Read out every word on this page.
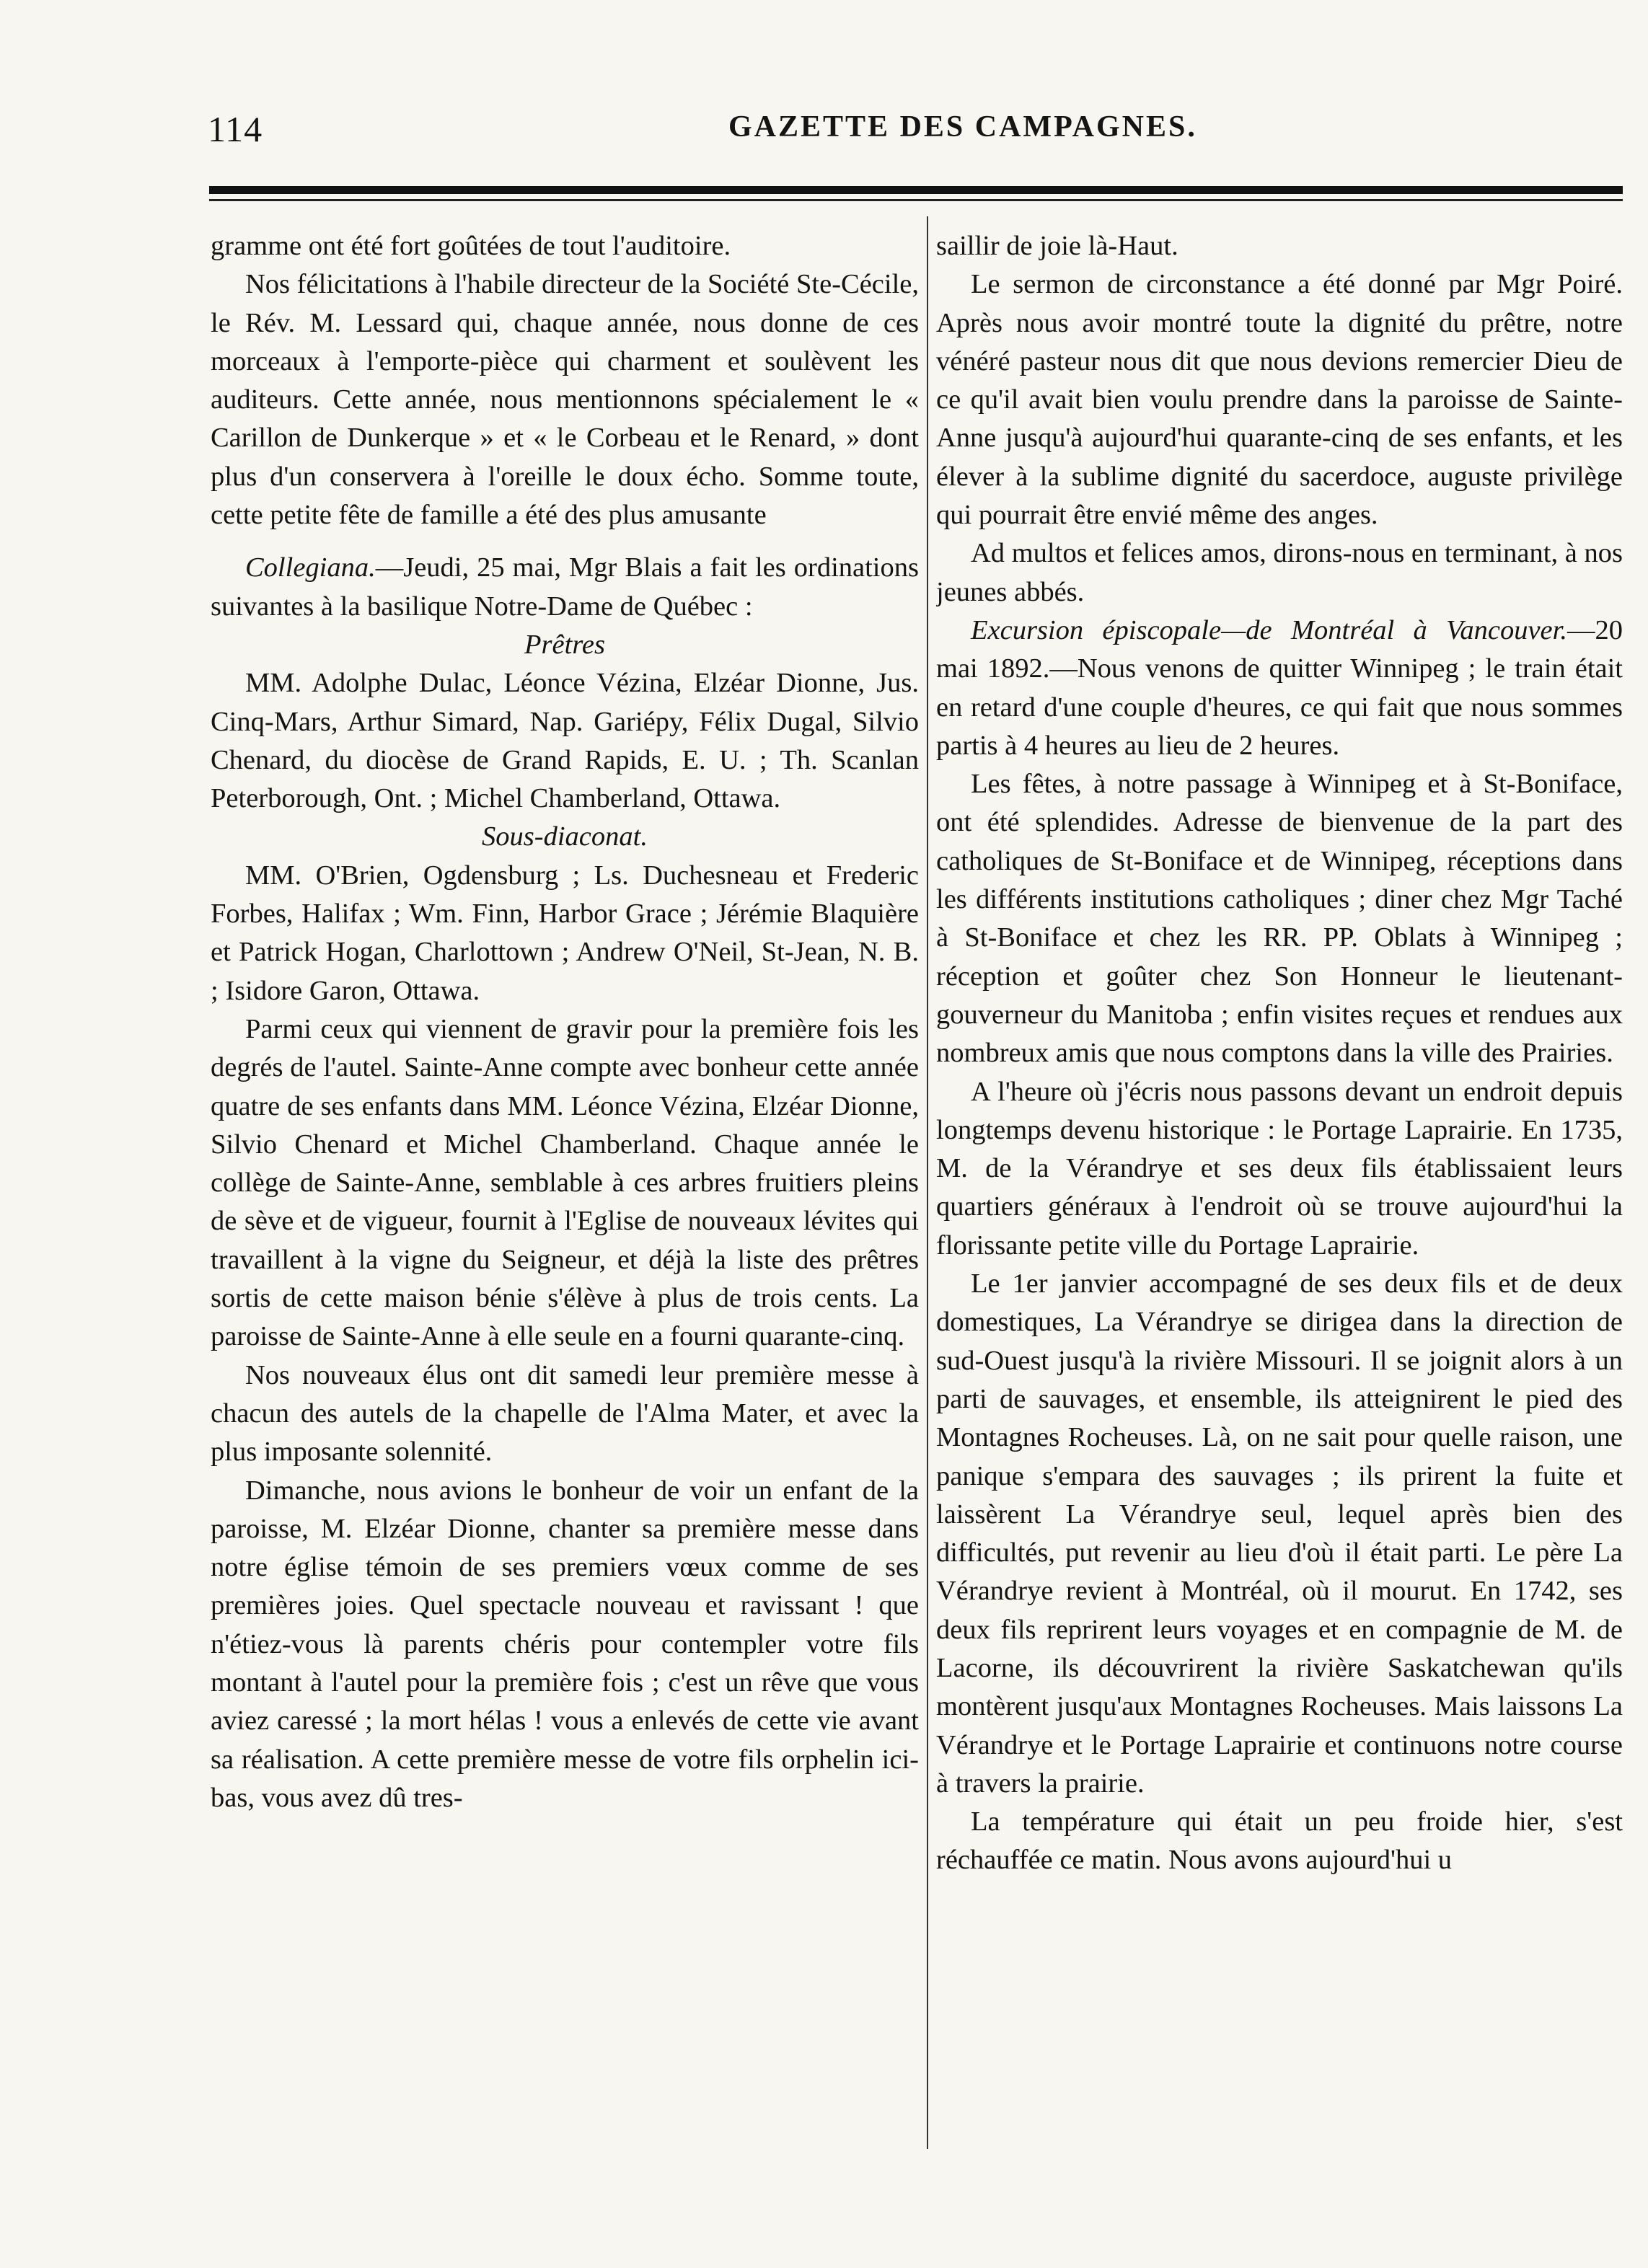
114	GAZETTE DES CAMPAGNES.

gramme ont été fort goûtées de tout l'auditoire.

Nos félicitations à l'habile directeur de la Société Ste-Cécile, le Rév. M. Lessard qui, chaque année, nous donne de ces morceaux à l'emporte-pièce qui charment et soulèvent les auditeurs. Cette année, nous mentionnons spécialement le « Carillon de Dunkerque » et « le Corbeau et le Renard, » dont plus d'un conservera à l'oreille le doux écho. Somme toute, cette petite fête de famille a été des plus amusante

Collegiana.—Jeudi, 25 mai, Mgr Blais a fait les ordinations suivantes à la basilique Notre-Dame de Québec :

Prêtres

MM. Adolphe Dulac, Léonce Vézina, Elzéar Dionne, Jus. Cinq-Mars, Arthur Simard, Nap. Gariépy, Félix Dugal, Silvio Chenard, du diocèse de Grand Rapids, E. U. ; Th. Scanlan Peterborough, Ont. ; Michel Chamberland, Ottawa.

Sous-diaconat.

MM. O'Brien, Ogdensburg ; Ls. Duchesneau et Frederic Forbes, Halifax ; Wm. Finn, Harbor Grace ; Jérémie Blaquière et Patrick Hogan, Charlottown ; Andrew O'Neil, St-Jean, N. B. ; Isidore Garon, Ottawa.

Parmi ceux qui viennent de gravir pour la première fois les degrés de l'autel. Sainte-Anne compte avec bonheur cette année quatre de ses enfants dans MM. Léonce Vézina, Elzéar Dionne, Silvio Chenard et Michel Chamberland. Chaque année le collège de Sainte-Anne, semblable à ces arbres fruitiers pleins de sève et de vigueur, fournit à l'Eglise de nouveaux lévites qui travaillent à la vigne du Seigneur, et déjà la liste des prêtres sortis de cette maison bénie s'élève à plus de trois cents. La paroisse de Sainte-Anne à elle seule en a fourni quarante-cinq.

Nos nouveaux élus ont dit samedi leur première messe à chacun des autels de la chapelle de l'Alma Mater, et avec la plus imposante solennité.

Dimanche, nous avions le bonheur de voir un enfant de la paroisse, M. Elzéar Dionne, chanter sa première messe dans notre église témoin de ses premiers vœux comme de ses premières joies. Quel spectacle nouveau et ravissant ! que n'étiez-vous là parents chéris pour contempler votre fils montant à l'autel pour la première fois ; c'est un rêve que vous aviez caressé ; la mort hélas ! vous a enlevés de cette vie avant sa réalisation. A cette première messe de votre fils orphelin ici-bas, vous avez dû tres-

saillir de joie là-Haut.

Le sermon de circonstance a été donné par Mgr Poiré. Après nous avoir montré toute la dignité du prêtre, notre vénéré pasteur nous dit que nous devions remercier Dieu de ce qu'il avait bien voulu prendre dans la paroisse de Sainte-Anne jusqu'à aujourd'hui quarante-cinq de ses enfants, et les élever à la sublime dignité du sacerdoce, auguste privilège qui pourrait être envié même des anges.

Ad multos et felices amos, dirons-nous en terminant, à nos jeunes abbés.

Excursion épiscopale—de Montréal à Vancouver.—20 mai 1892.—Nous venons de quitter Winnipeg ; le train était en retard d'une couple d'heures, ce qui fait que nous sommes partis à 4 heures au lieu de 2 heures.

Les fêtes, à notre passage à Winnipeg et à St-Boniface, ont été splendides. Adresse de bienvenue de la part des catholiques de St-Boniface et de Winnipeg, réceptions dans les différents institutions catholiques ; diner chez Mgr Taché à St-Boniface et chez les RR. PP. Oblats à Winnipeg ; réception et goûter chez Son Honneur le lieutenant-gouverneur du Manitoba ; enfin visites reçues et rendues aux nombreux amis que nous comptons dans la ville des Prairies.

A l'heure où j'écris nous passons devant un endroit depuis longtemps devenu historique : le Portage Laprairie. En 1735, M. de la Vérandrye et ses deux fils établissaient leurs quartiers généraux à l'endroit où se trouve aujourd'hui la florissante petite ville du Portage Laprairie.

Le 1er janvier accompagné de ses deux fils et de deux domestiques, La Vérandrye se dirigea dans la direction de sud-Ouest jusqu'à la rivière Missouri. Il se joignit alors à un parti de sauvages, et ensemble, ils atteignirent le pied des Montagnes Rocheuses. Là, on ne sait pour quelle raison, une panique s'empara des sauvages ; ils prirent la fuite et laissèrent La Vérandrye seul, lequel après bien des difficultés, put revenir au lieu d'où il était parti. Le père La Vérandrye revient à Montréal, où il mourut. En 1742, ses deux fils reprirent leurs voyages et en compagnie de M. de Lacorne, ils découvrirent la rivière Saskatchewan qu'ils montèrent jusqu'aux Montagnes Rocheuses. Mais laissons La Vérandrye et le Portage Laprairie et continuons notre course à travers la prairie.

La température qui était un peu froide hier, s'est réchauffée ce matin. Nous avons aujourd'hui u
